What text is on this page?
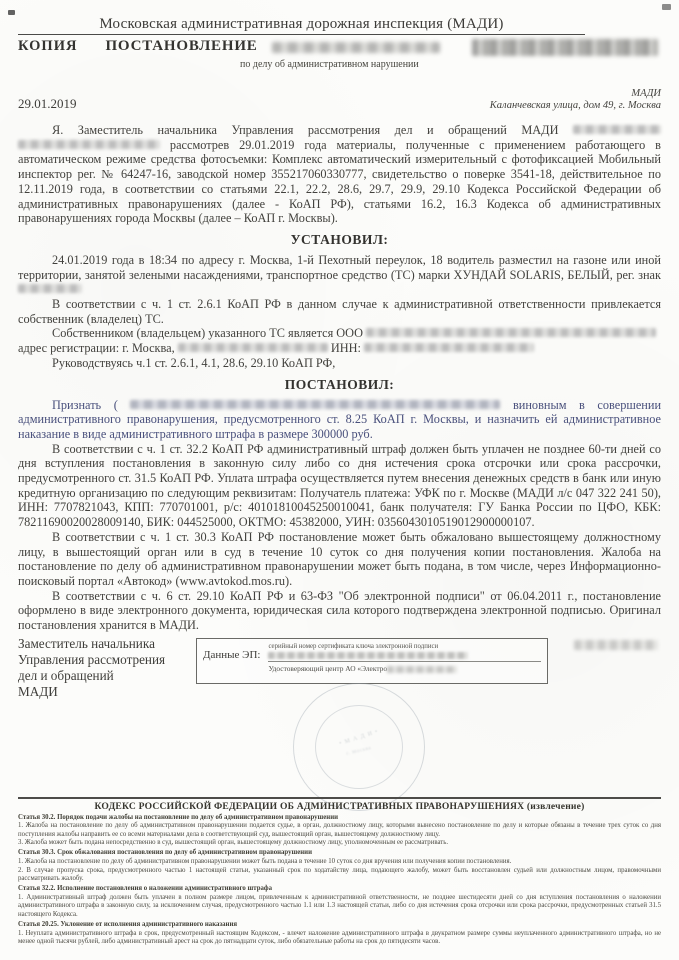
Московская административная дорожная инспекция (МАДИ)
КОПИЯ ПОСТАНОВЛЕНИЕ
по делу об административном нарушении
29.01.2019
МАДИ
Каланчевская улица, дом 49, г. Москва

Я. Заместитель начальника Управления рассмотрения дел и обращений МАДИ   рассмотрев 29.01.2019 года материалы, полученные с применением работающего в автоматическом режиме средства фотосъемки: Комплекс автоматический измерительный с фотофиксацией Мобильный инспектор рег. № 64247-16, заводской номер 355217060330777, свидетельство о поверке 3541-18, действительное по 12.11.2019 года, в соответствии со статьями 22.1, 22.2, 28.6, 29.7, 29.9, 29.10 Кодекса Российской Федерации об административных правонарушениях (далее - КоАП РФ), статьями 16.2, 16.3 Кодекса об административных правонарушениях города Москвы (далее – КоАП г. Москвы).

УСТАНОВИЛ:

24.01.2019 года в 18:34 по адресу г. Москва, 1-й Пехотный переулок, 18 водитель разместил на газоне или иной территории, занятой зелеными насаждениями, транспортное средство (ТС) марки ХУНДАЙ SOLARIS, БЕЛЫЙ, рег. знак

В соответствии с ч. 1 ст. 2.6.1 КоАП РФ в данном случае к административной ответственности привлекается собственник (владелец) ТС.

Собственником (владельцем) указанного ТС является ООО

адрес регистрации: г. Москва,	ИНН:

Руководствуясь ч.1 ст. 2.6.1, 4.1, 28.6, 29.10 КоАП РФ,

ПОСТАНОВИЛ:

Признать (	виновным в совершении административного правонарушения, предусмотренного ст. 8.25 КоАП г. Москвы, и назначить ей административное наказание в виде административного штрафа в размере 300000 руб.

В соответствии с ч. 1 ст. 32.2 КоАП РФ административный штраф должен быть уплачен не позднее 60-ти дней со дня вступления постановления в законную силу либо со дня истечения срока отсрочки или срока рассрочки, предусмотренного ст. 31.5 КоАП РФ. Уплата штрафа осуществляется путем внесения денежных средств в банк или иную кредитную организацию по следующим реквизитам: Получатель платежа: УФК по г. Москве (МАДИ л/с 047 322 241 50), ИНН: 7707821043, КПП: 770701001, р/с: 40101810045250010041, банк получателя: ГУ Банка России по ЦФО, КБК: 78211690020028009140, БИК: 044525000, ОКТМО: 45382000, УИН: 0356043010519012900000107.

В соответствии с ч. 1 ст. 30.3 КоАП РФ постановление может быть обжаловано вышестоящему должностному лицу, в вышестоящий орган или в суд в течение 10 суток со дня получения копии постановления. Жалоба на постановление по делу об административном правонарушении может быть подана, в том числе, через Информационно-поисковый портал «Автокод» (www.avtokod.mos.ru).

В соответствии с ч. 6 ст. 29.10 КоАП РФ и 63-ФЗ "Об электронной подписи" от 06.04.2011 г., постановление оформлено в виде электронного документа, юридическая сила которого подтверждена электронной подписью. Оригинал постановления хранится в МАДИ.

Заместитель начальника
Управления рассмотрения
дел и обращений
МАДИ
Данные ЭП:
серийный номер сертификата ключа электронной подписи
Удостоверяющий центр АО «Электро
• М А Д И •
г. Москва
КОДЕКС РОССИЙСКОЙ ФЕДЕРАЦИИ ОБ АДМИНИСТРАТИВНЫХ ПРАВОНАРУШЕНИЯХ (извлечение)
Статья 30.2. Порядок подачи жалобы на постановление по делу об административном правонарушении
1. Жалоба на постановление по делу об административном правонарушении подается судье, в орган, должностному лицу, которыми вынесено постановление по делу и которые обязаны в течение трех суток со дня поступления жалобы направить ее со всеми материалами дела в соответствующий суд, вышестоящий орган, вышестоящему должностному лицу.
3. Жалоба может быть подана непосредственно в суд, вышестоящий орган, вышестоящему должностному лицу, уполномоченным ее рассматривать.
Статья 30.3. Срок обжалования постановления по делу об административном правонарушении
1. Жалоба на постановление по делу об административном правонарушении может быть подана в течение 10 суток со дня вручения или получения копии постановления.
2. В случае пропуска срока, предусмотренного частью 1 настоящей статьи, указанный срок по ходатайству лица, подающего жалобу, может быть восстановлен судьей или должностным лицом, правомочными рассматривать жалобу.
Статья 32.2. Исполнение постановления о наложении административного штрафа
1. Административный штраф должен быть уплачен в полном размере лицом, привлеченным к административной ответственности, не позднее шестидесяти дней со дня вступления постановления о наложении административного штрафа в законную силу, за исключением случая, предусмотренного частью 1.1 или 1.3 настоящей статьи, либо со дня истечения срока отсрочки или срока рассрочки, предусмотренных статьей 31.5 настоящего Кодекса.
Статья 20.25. Уклонение от исполнения административного наказания
1. Неуплата административного штрафа в срок, предусмотренный настоящим Кодексом, - влечет наложение административного штрафа в двукратном размере суммы неуплаченного административного штрафа, но не менее одной тысячи рублей, либо административный арест на срок до пятнадцати суток, либо обязательные работы на срок до пятидесяти часов.
